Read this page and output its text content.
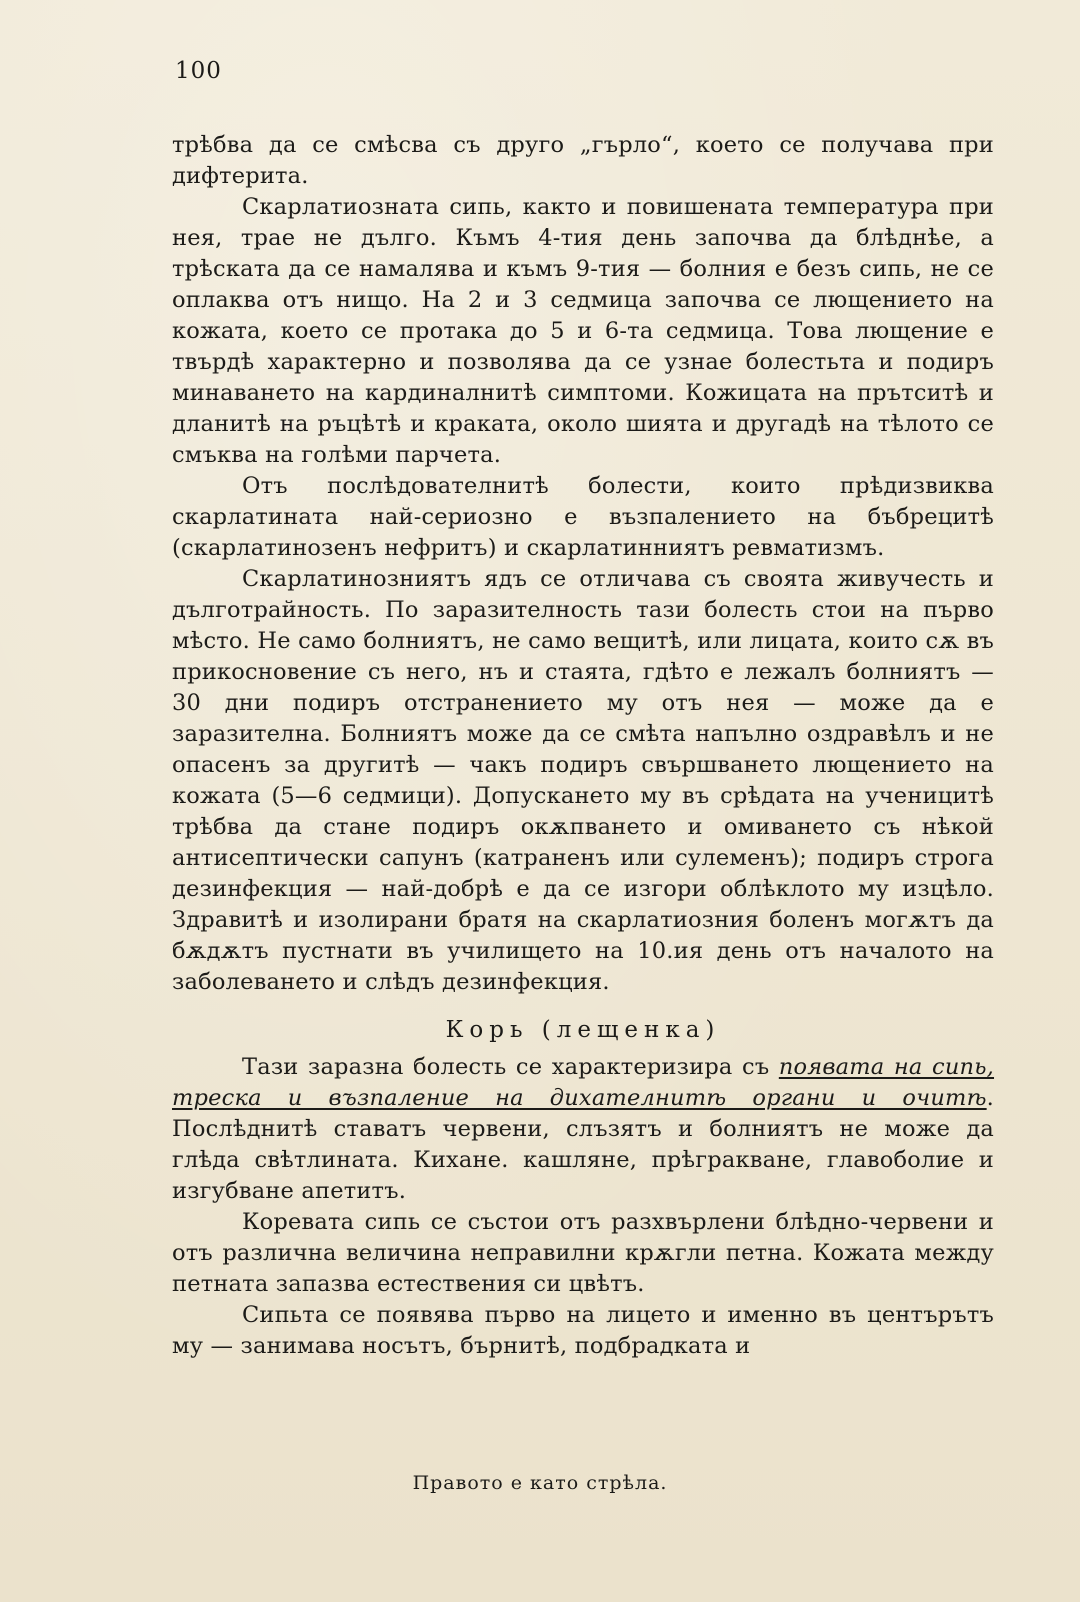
100

трѣбва да се смѣсва съ друго „гърло“, което се получава при дифтерита.

Скарлатиозната сипь, както и повишената температура при нея, трае не дълго. Къмъ 4-тия день започва да блѣднѣе, а трѣската да се намалява и къмъ 9-тия — болния е безъ сипь, не се оплаква отъ нищо. На 2 и 3 седмица започва се лющението на кожата, което се протака до 5 и 6-та седмица. Това лющение е твърдѣ характерно и позволява да се узнае болестьта и подиръ минаването на кардиналнитѣ симптоми. Кожицата на прътситѣ и дланитѣ на ръцѣтѣ и краката, около шията и другадѣ на тѣлото се смъква на голѣми парчета.

Отъ послѣдователнитѣ болести, които прѣдизвиква скарлатината най-сериозно е възпалението на бъбрецитѣ (скарлатинозенъ нефритъ) и скарлатинниятъ ревматизмъ.

Скарлатинозниятъ ядъ се отличава съ своята живучесть и дълготрайность. По заразителность тази болесть стои на първо мѣсто. Не само болниятъ, не само вещитѣ, или лицата, които сѫ въ прикосновение съ него, нъ и стаята, гдѣто е лежалъ болниятъ — 30 дни подиръ отстранението му отъ нея — може да е заразителна. Болниятъ може да се смѣта напълно оздравѣлъ и не опасенъ за другитѣ — чакъ подиръ свършването лющението на кожата (5—6 седмици). Допускането му въ срѣдата на ученицитѣ трѣбва да стане подиръ окѫпването и омиването съ нѣкой антисептически сапунъ (катраненъ или сулеменъ); подиръ строга дезинфекция — най-добрѣ е да се изгори облѣклото му изцѣло. Здравитѣ и изолирани братя на скарлатиозния боленъ могѫтъ да бѫдѫтъ пустнати въ училището на 10.ия день отъ началото на заболеването и слѣдъ дезинфекция.

Корь (лещенка)

Тази заразна болесть се характеризира съ появата на сипь, треска и възпаление на дихателнитѣ органи и очитѣ. Послѣднитѣ ставатъ червени, слъзятъ и болниятъ не може да глѣда свѣтлината. Кихане. кашляне, прѣгракване, главоболие и изгубване апетитъ.

Коревата сипь се състои отъ разхвърлени блѣдно-червени и отъ различна величина неправилни крѫгли петна. Кожата между петната запазва естествения си цвѣтъ.

Сипьта се появява първо на лицето и именно въ центърътъ му — занимава носътъ, бърнитѣ, подбрадката и

Правото е като стрѣла.
